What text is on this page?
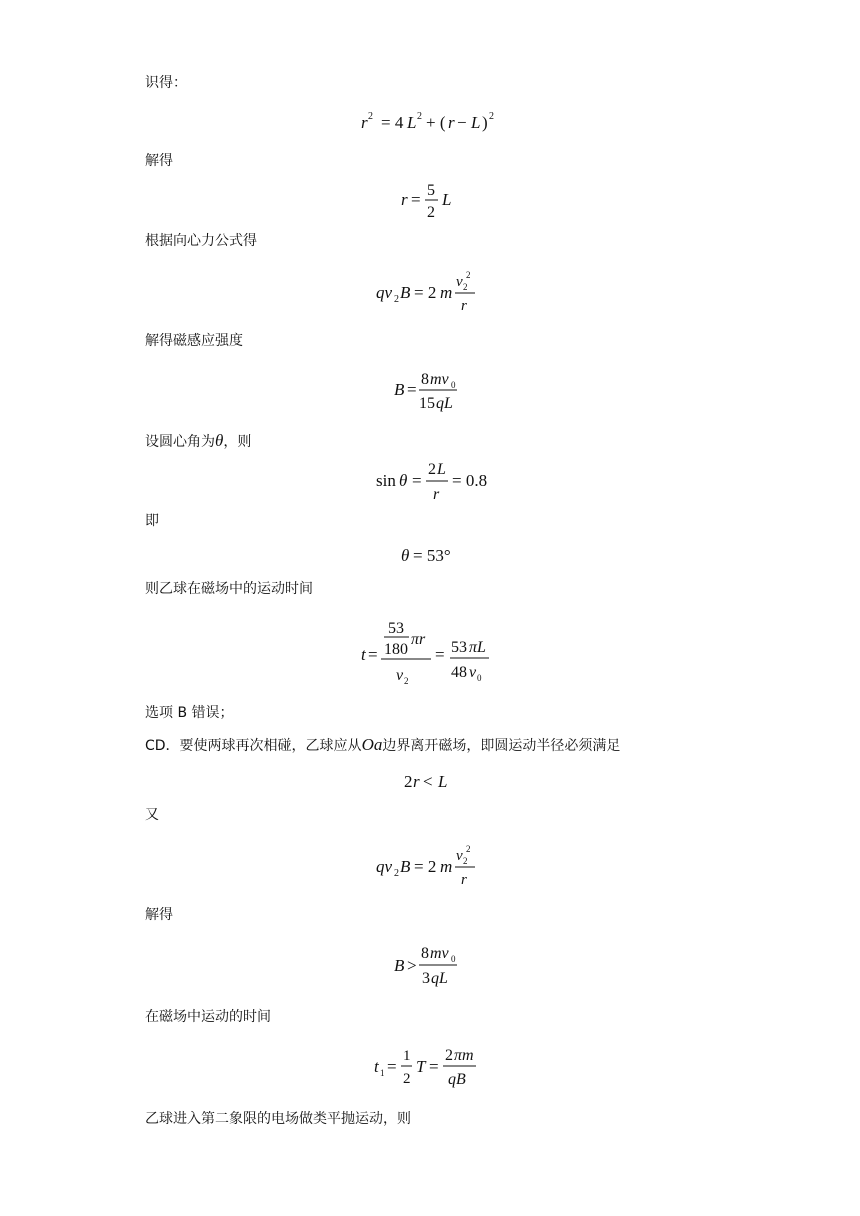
识得：
r 2 = 4 L 2 + ( r − L ) 2
解得
r = 5
2
L
根据向心力公式得
qv 2 B = 2 m
v 2
2
r
解得磁感应强度
B =
8 mv 0
15 qL
设圆心角为θ，则
sin θ =
2 L
r
= 0.8
即
θ = 53°
则乙球在磁场中的运动时间
t =
53
180
πr
v 2
= 53 πL
48 v 0
选项 B 错误；
CD．要使两球再次相碰，乙球应从Oa边界离开磁场，即圆运动半径必须满足
2 r < L
又
qv 2 B = 2 m
v 2
2
r
解得
B >
8 mv 0
3 qL
在磁场中运动的时间
t 1 =
1
2
T =
2 πm
qB
乙球进入第二象限的电场做类平抛运动，则
